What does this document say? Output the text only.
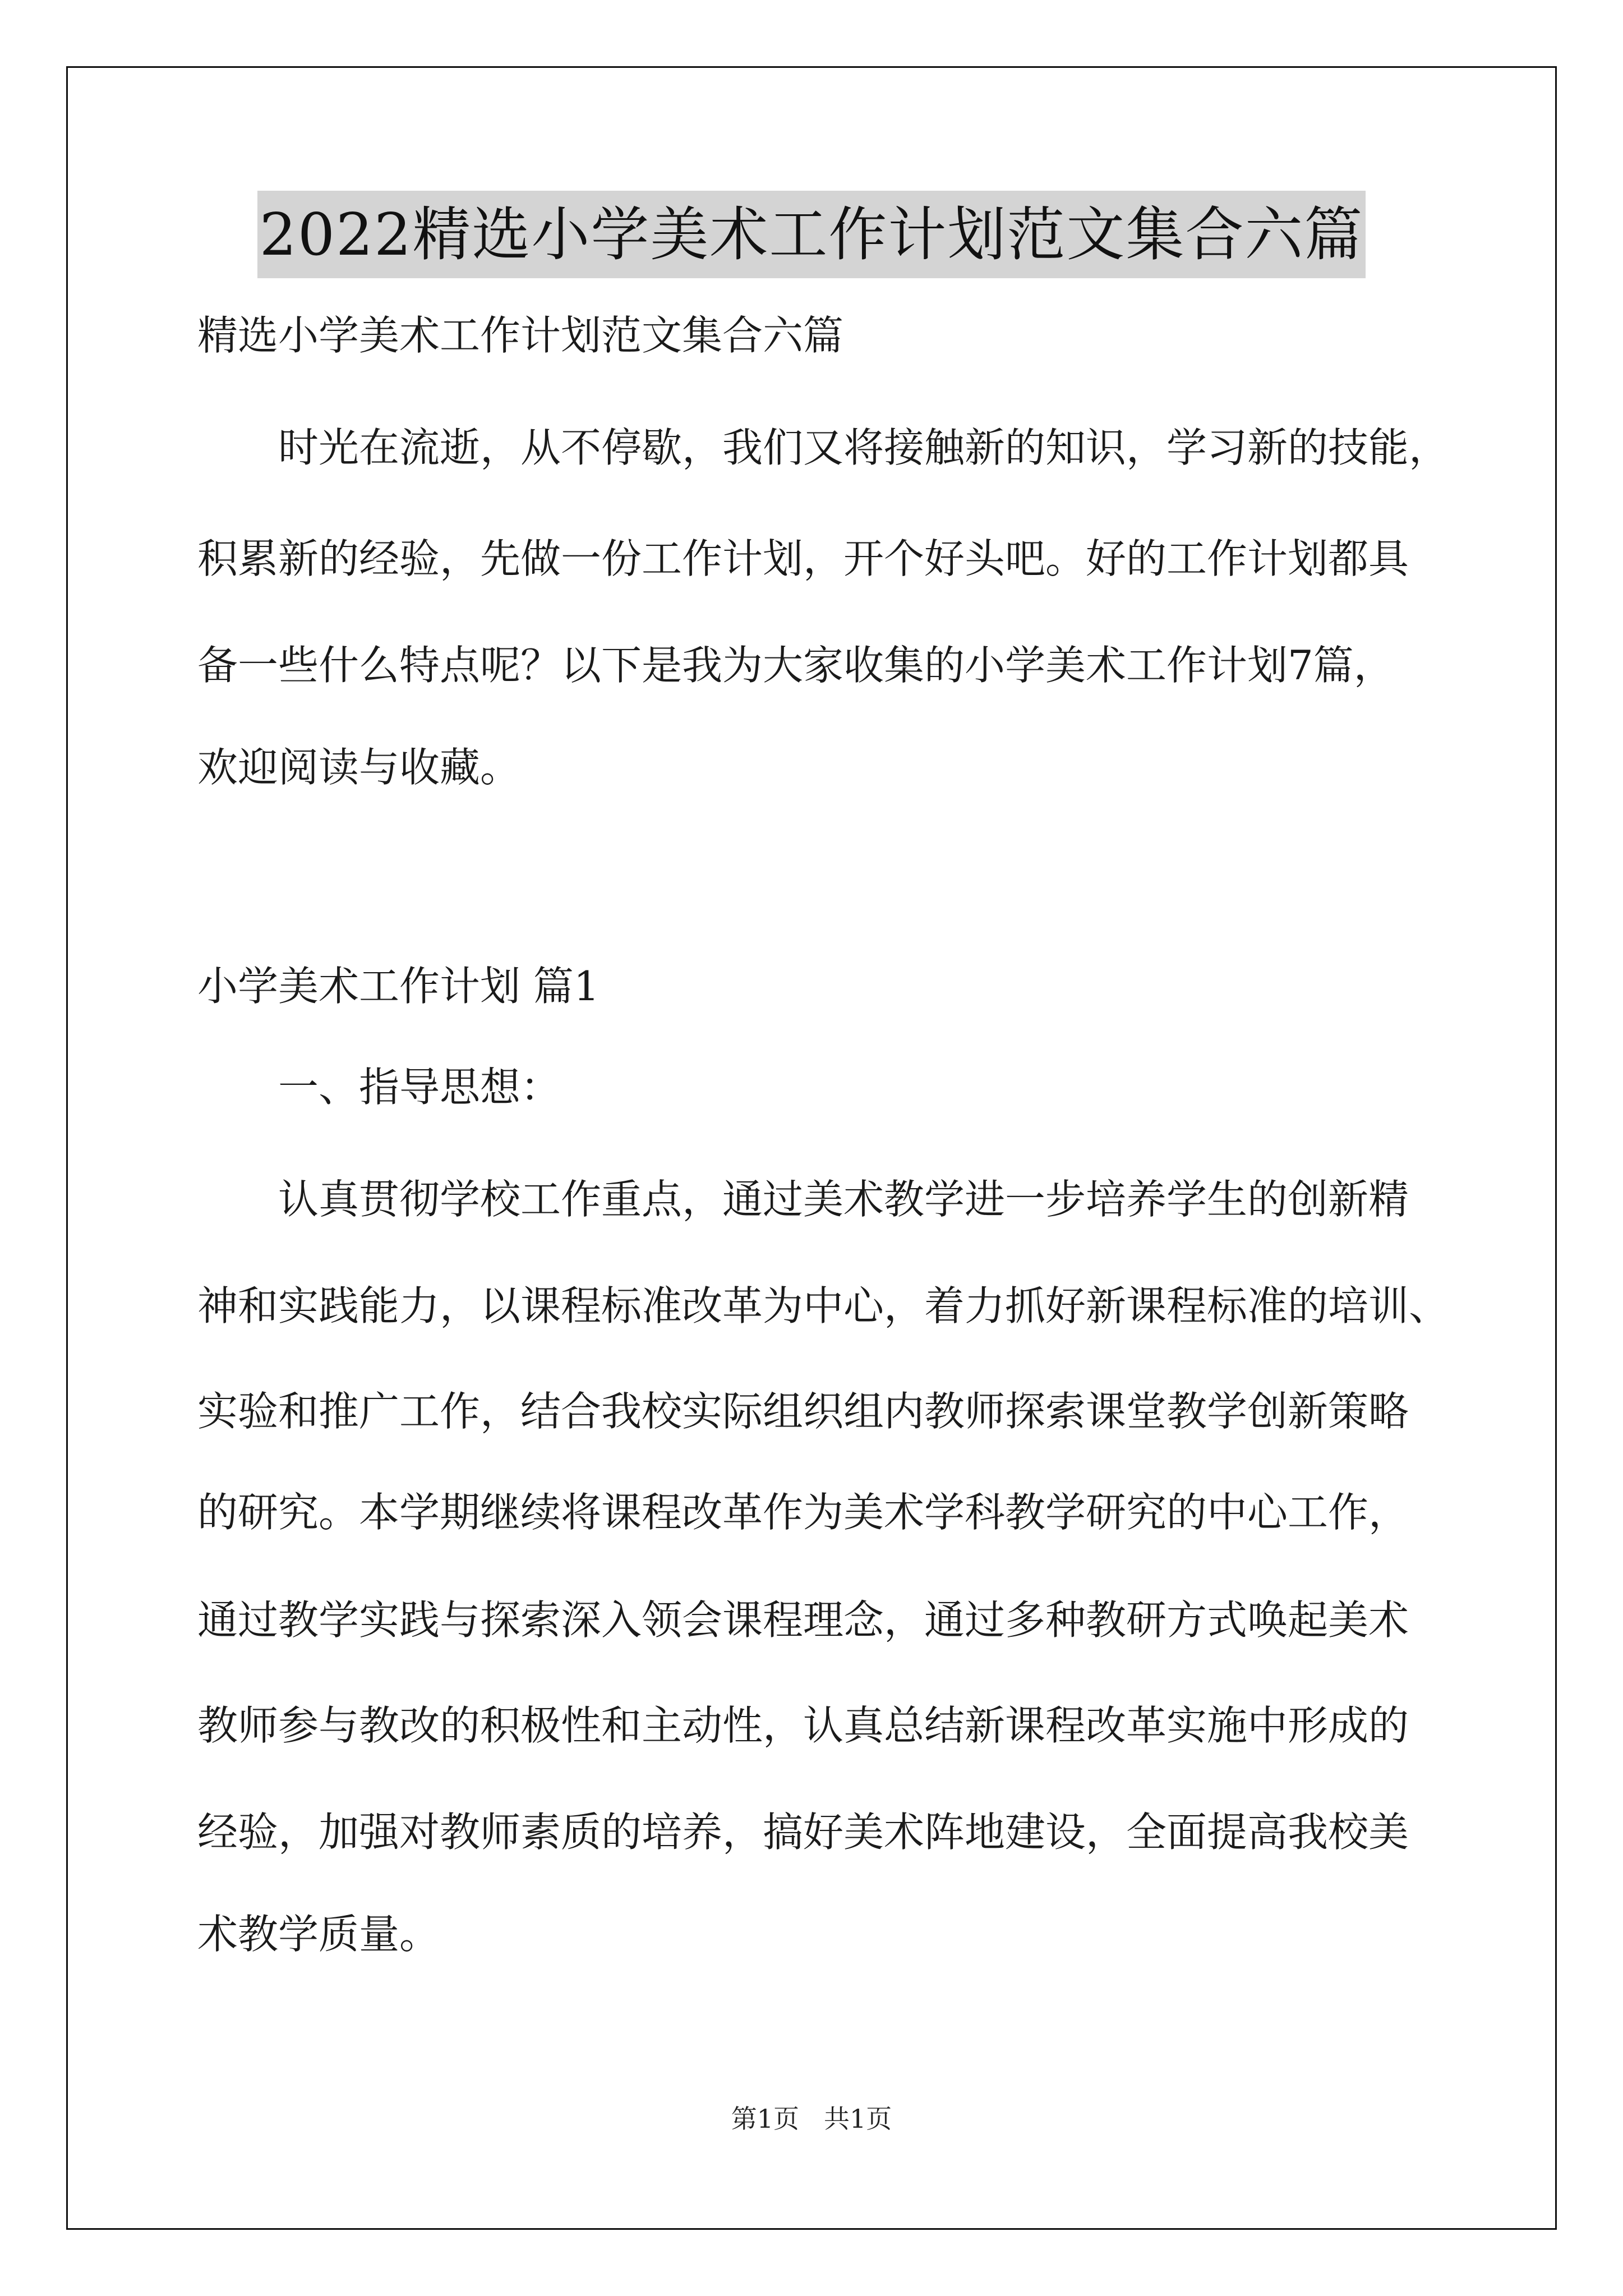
2022精选小学美术工作计划范文集合六篇

精选小学美术工作计划范文集合六篇

时光在流逝，从不停歇，我们又将接触新的知识，学习新的技能，

积累新的经验，先做一份工作计划，开个好头吧。好的工作计划都具

备一些什么特点呢？以下是我为大家收集的小学美术工作计划7篇，

欢迎阅读与收藏。

小学美术工作计划 篇1

一、指导思想：

认真贯彻学校工作重点，通过美术教学进一步培养学生的创新精

神和实践能力，以课程标准改革为中心，着力抓好新课程标准的培训、

实验和推广工作，结合我校实际组织组内教师探索课堂教学创新策略

的研究。本学期继续将课程改革作为美术学科教学研究的中心工作，

通过教学实践与探索深入领会课程理念，通过多种教研方式唤起美术

教师参与教改的积极性和主动性，认真总结新课程改革实施中形成的

经验，加强对教师素质的培养，搞好美术阵地建设，全面提高我校美

术教学质量。

第1页 共1页
